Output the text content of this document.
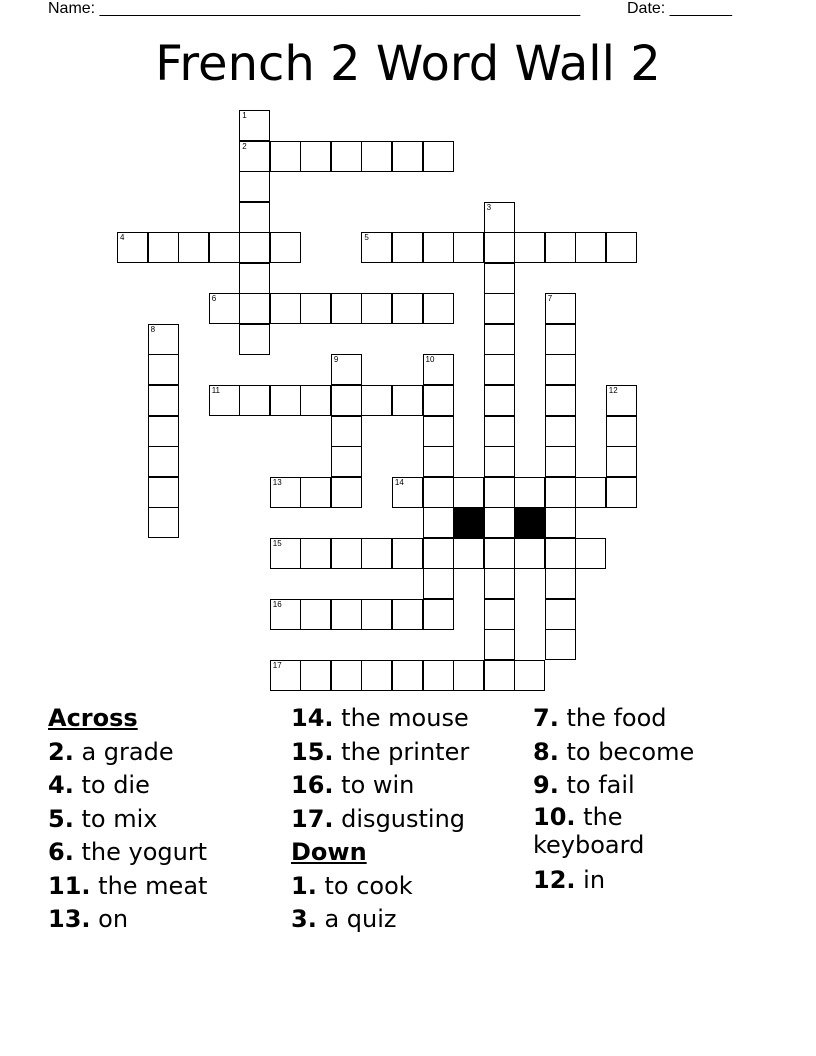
Name: ______________________________________________________	Date: _______
French 2 Word Wall 2
1
2
3
4	5
6	7
8
9	10
11	12
13	14
15
16
17
Across
2. a grade
4. to die
5. to mix
6. the yogurt
11. the meat
13. on
14. the mouse
15. the printer
16. to win
17. disgusting
Down
1. to cook
3. a quiz
7. the food
8. to become
9. to fail
10. the keyboard
12. in
